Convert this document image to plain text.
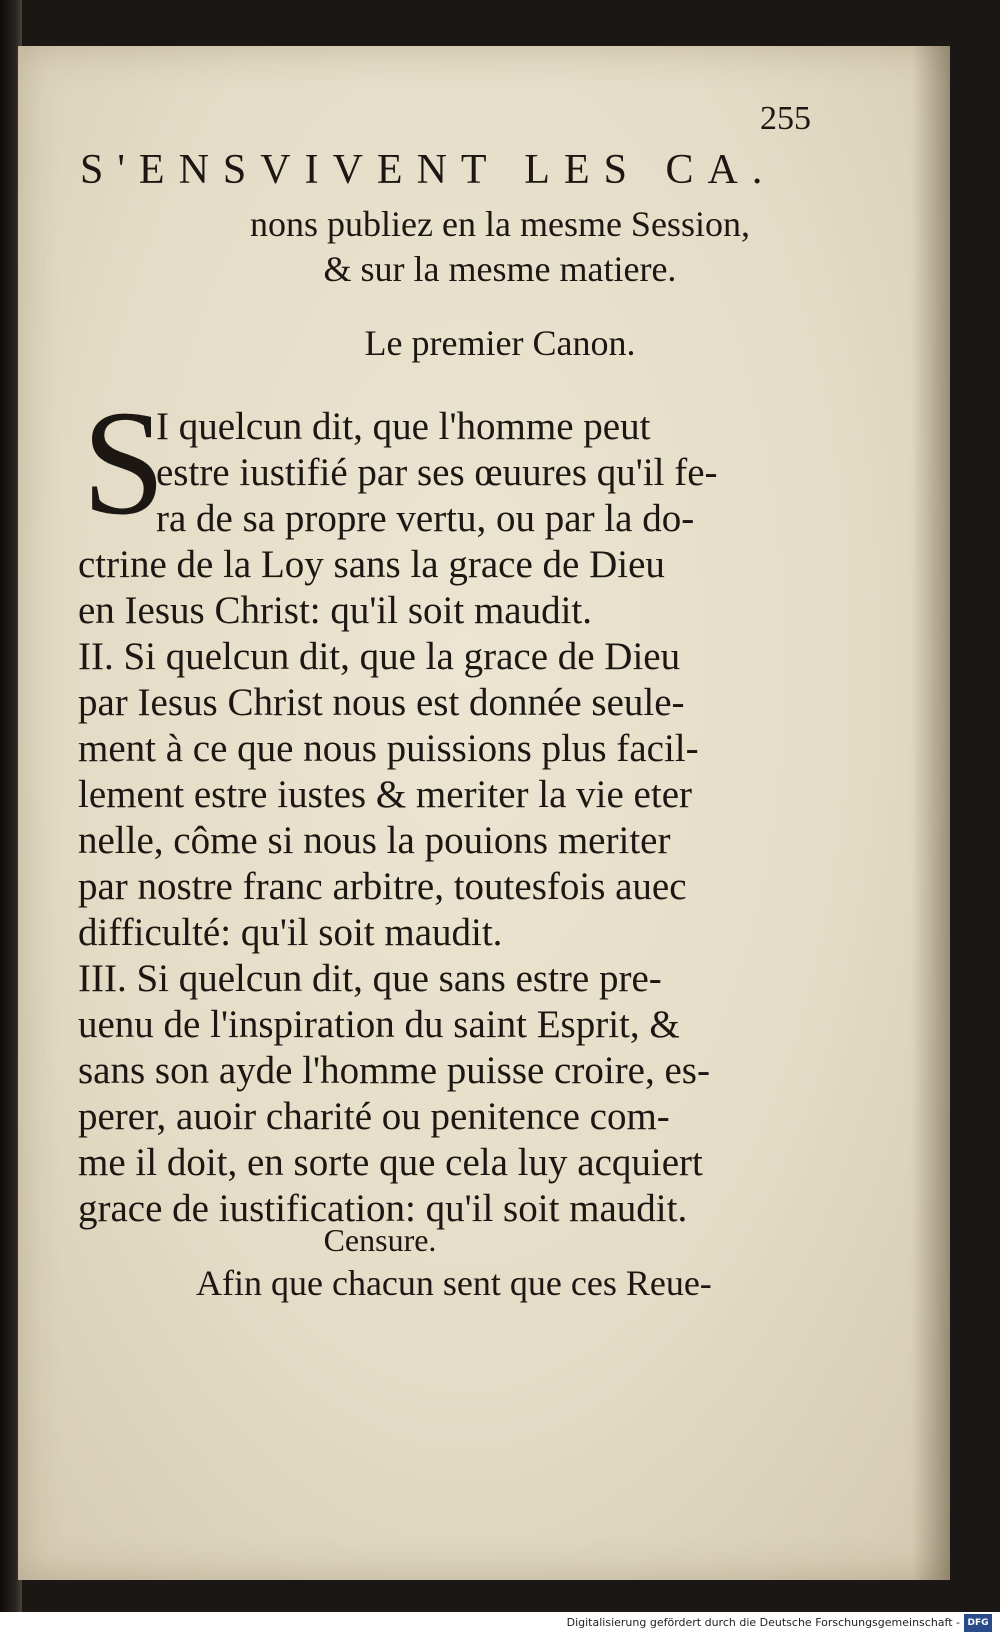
255
S'ENSVIVENT LES CA.
nons publiez en la mesme Session,
& sur la mesme matiere.
Le premier Canon.
S
I quelcun dit, que l'homme peut
estre iustifié par ses œuures qu'il fe-
ra de sa propre vertu, ou par la do-
ctrine de la Loy sans la grace de Dieu
en Iesus Christ: qu'il soit maudit.
II. Si quelcun dit, que la grace de Dieu
par Iesus Christ nous est donnée seule-
ment à ce que nous puissions plus facil-
lement estre iustes & meriter la vie eter
nelle, côme si nous la pouions meriter
par nostre franc arbitre, toutesfois auec
difficulté: qu'il soit maudit.
III. Si quelcun dit, que sans estre pre-
uenu de l'inspiration du saint Esprit, &
sans son ayde l'homme puisse croire, es-
perer, auoir charité ou penitence com-
me il doit, en sorte que cela luy acquiert
grace de iustification: qu'il soit maudit.
Censure.
Afin que chacun sent que ces Reue-
Digitalisierung gefördert durch die Deutsche Forschungsgemeinschaft - DFG
